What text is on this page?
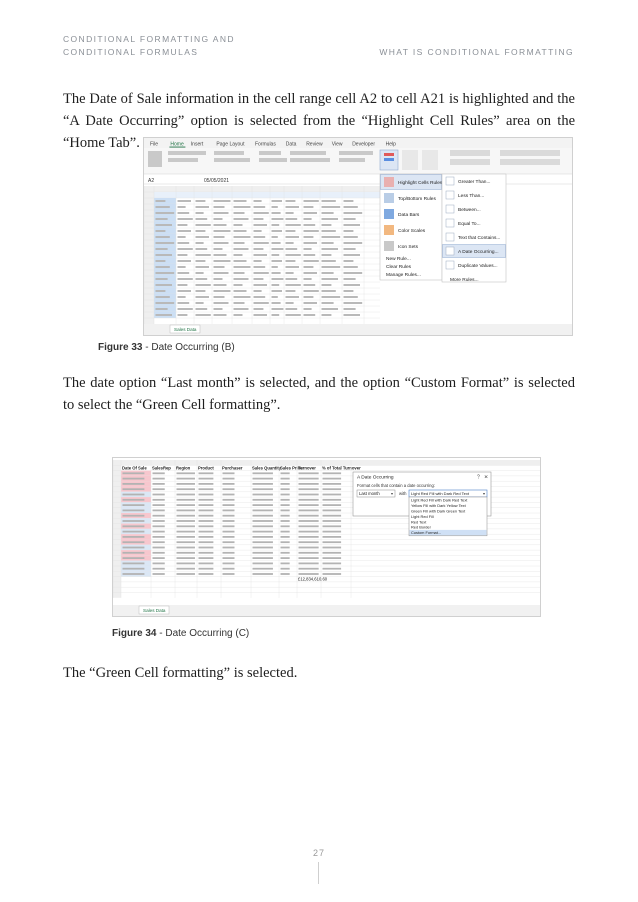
CONDITIONAL FORMATTING AND
CONDITIONAL FORMULAS	WHAT IS CONDITIONAL FORMATTING
The Date of Sale information in the cell range cell A2 to cell A21 is highlighted and the “A Date Occurring” option is selected from the “Highlight Cell Rules” area on the “Home Tab”.	File Home Insert	Page Layout Formulas Data Review View Developer Help
A2	05/05/2021
Sales Data
Highlight Cells Rules
Top/Bottom Rules
Data Bars
Color Scales
Icon Sets
New Rule...
Clear Rules
Manage Rules...
Greater Than...
Less Than...
Between...
Equal To...
Text that Contains...
A Date Occurring...
Duplicate Values...
More Rules...
Figure 33 - Date Occurring (B)
The date option “Last month” is selected, and the option “Custom Format” is selected to select the “Green Cell formatting”.
Date Of Sale SalesRep Region Product Purchaser Sales Quantity
Sales Price
Turnover % of Total Turnover
£12,834,610.60
Sales Data
A Date Occurring	? ✕
Format cells that contain a date occurring:
Last month	▾ with Light Red Fill with Dark Red Text	▾
Light Red Fill with Dark Red Text
Yellow Fill with Dark Yellow Text
Green Fill with Dark Green Text
Light Red Fill
Red Text
Red Border
Custom Format...
Figure 34 - Date Occurring (C)
The “Green Cell formatting” is selected.
27
